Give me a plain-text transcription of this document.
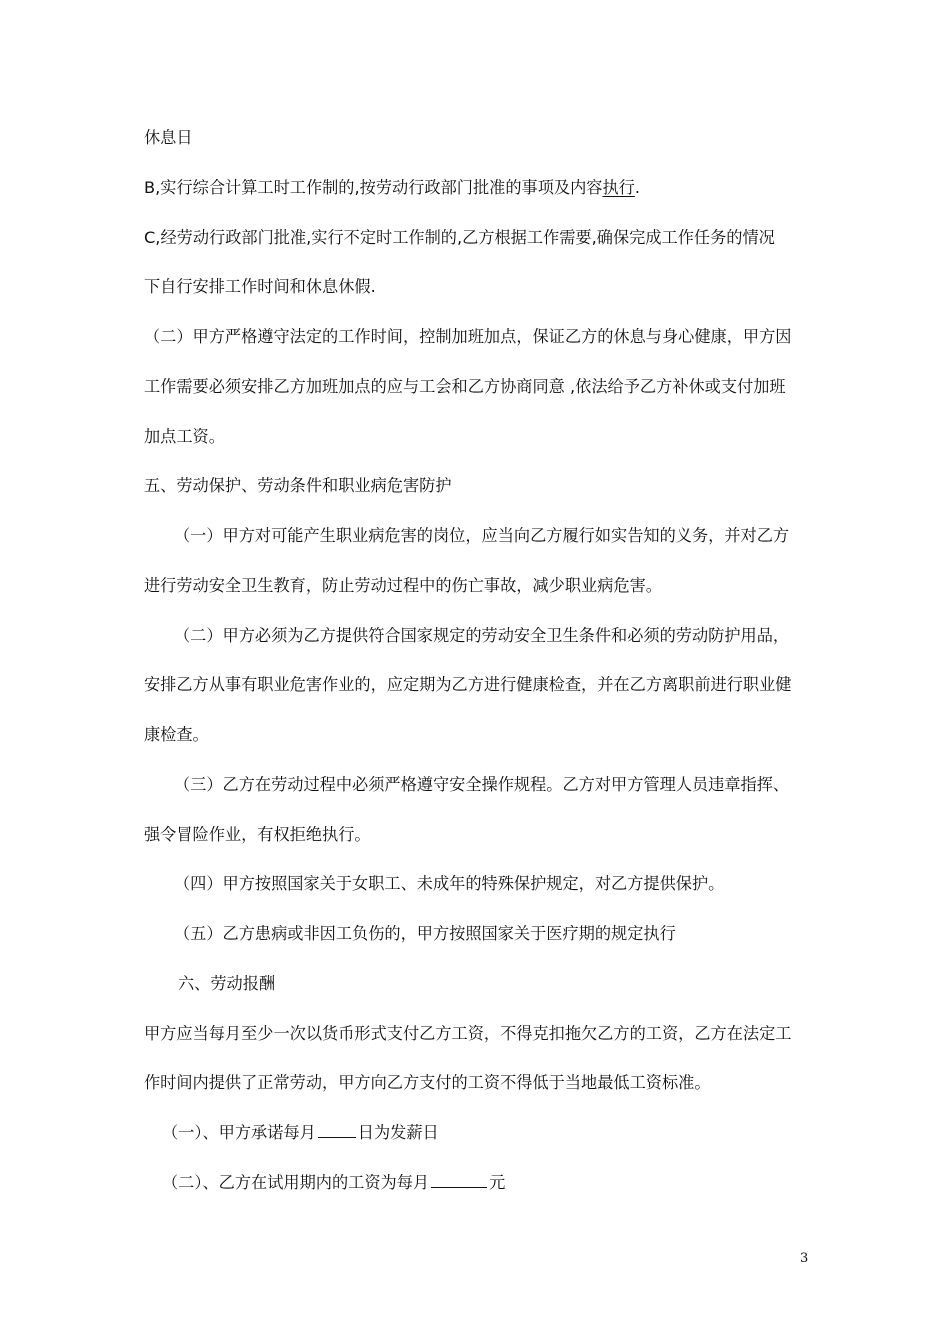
休息日
B,实行综合计算工时工作制的,按劳动行政部门批准的事项及内容执行.
C,经劳动行政部门批准,实行不定时工作制的,乙方根据工作需要,确保完成工作任务的情况
下自行安排工作时间和休息休假.
（二）甲方严格遵守法定的工作时间，控制加班加点，保证乙方的休息与身心健康，甲方因
工作需要必须安排乙方加班加点的应与工会和乙方协商同意 ,依法给予乙方补休或支付加班
加点工资。
五、劳动保护、劳动条件和职业病危害防护
（一）甲方对可能产生职业病危害的岗位，应当向乙方履行如实告知的义务，并对乙方
进行劳动安全卫生教育，防止劳动过程中的伤亡事故，减少职业病危害。
（二）甲方必须为乙方提供符合国家规定的劳动安全卫生条件和必须的劳动防护用品，
安排乙方从事有职业危害作业的，应定期为乙方进行健康检查，并在乙方离职前进行职业健
康检查。
（三）乙方在劳动过程中必须严格遵守安全操作规程。乙方对甲方管理人员违章指挥、
强令冒险作业，有权拒绝执行。
（四）甲方按照国家关于女职工、未成年的特殊保护规定，对乙方提供保护。
（五）乙方患病或非因工负伤的，甲方按照国家关于医疗期的规定执行
六、劳动报酬
甲方应当每月至少一次以货币形式支付乙方工资，不得克扣拖欠乙方的工资，乙方在法定工
作时间内提供了正常劳动，甲方向乙方支付的工资不得低于当地最低工资标准。
（一）、甲方承诺每月	日为发薪日
（二）、乙方在试用期内的工资为每月	元
3
